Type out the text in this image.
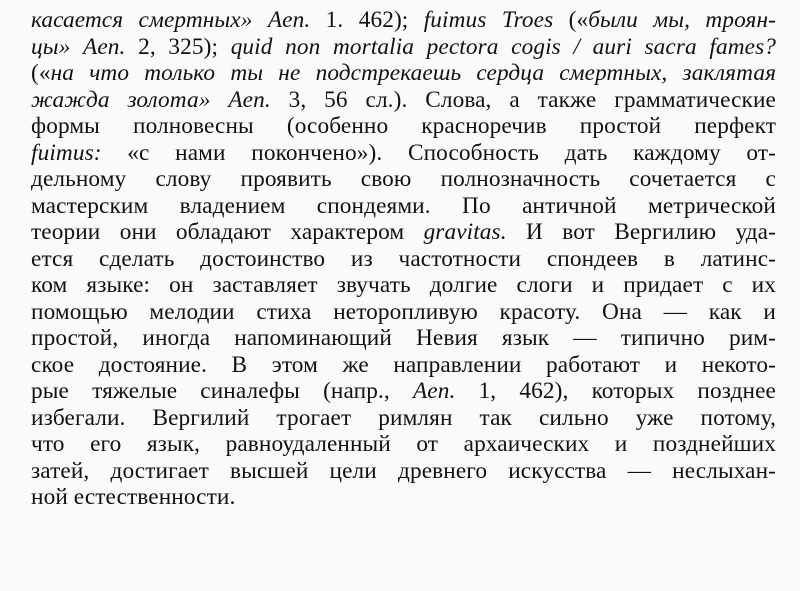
касается смертных» Aen. 1. 462); fuimus Troes («были мы, троян-
цы» Aen. 2, 325); quid non mortalia pectora cogis / auri sacra fames?
(«на что только ты не подстрекаешь сердца смертных, заклятая
жажда золота» Aen. 3, 56 сл.). Слова, а также грамматические
формы полновесны (особенно красноречив простой перфект
fuimus: «с нами покончено»). Способность дать каждому от-
дельному слову проявить свою полнозначность сочетается с
мастерским владением спондеями. По античной метрической
теории они обладают характером gravitas. И вот Вергилию уда-
ется сделать достоинство из частотности спондеев в латинс-
ком языке: он заставляет звучать долгие слоги и придает с их
помощью мелодии стиха неторопливую красоту. Она — как и
простой, иногда напоминающий Невия язык — типично рим-
ское достояние. В этом же направлении работают и некото-
рые тяжелые синалефы (напр., Aen. 1, 462), которых позднее
избегали. Вергилий трогает римлян так сильно уже потому,
что его язык, равноудаленный от архаических и позднейших
затей, достигает высшей цели древнего искусства — неслыхан-
ной естественности.
